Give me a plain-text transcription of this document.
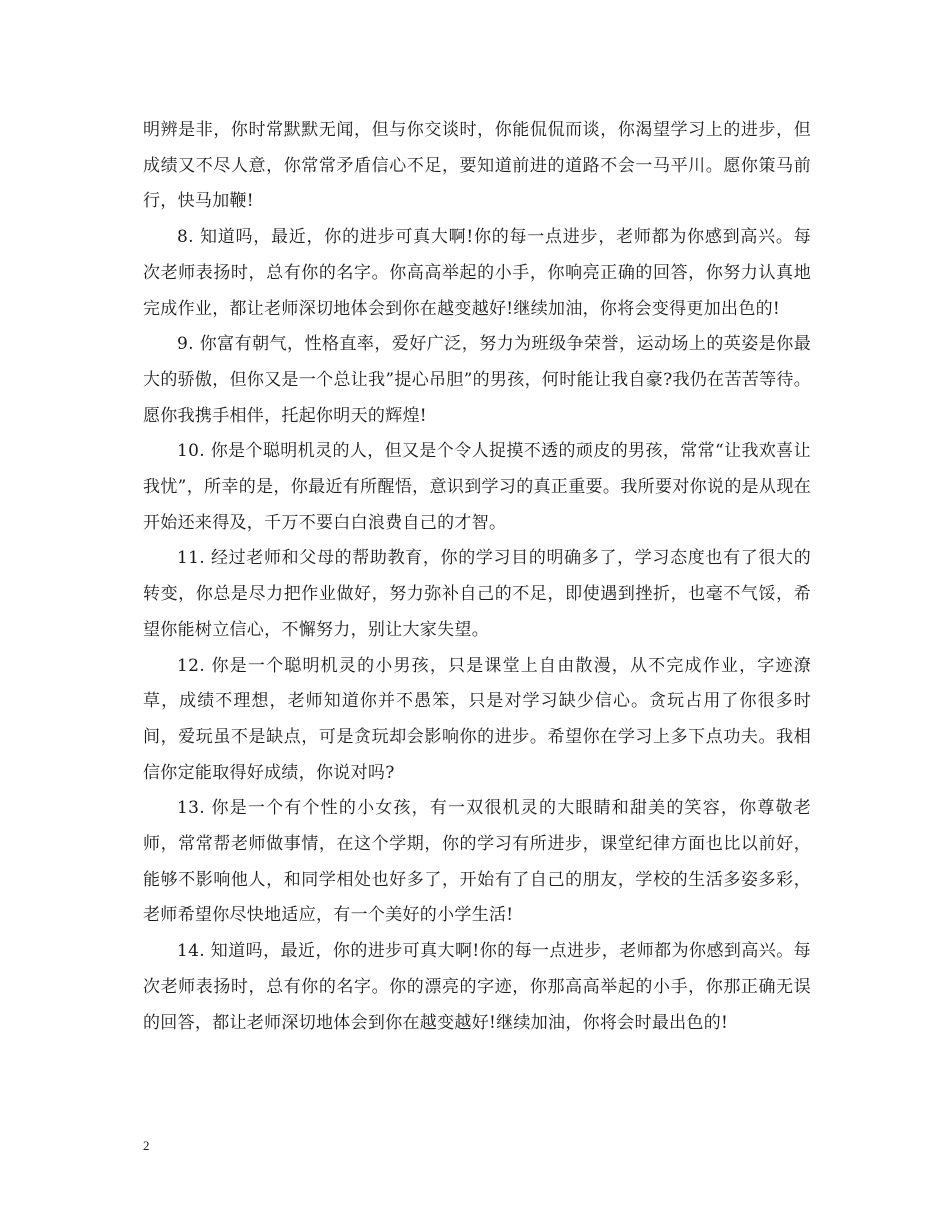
明辨是非，你时常默默无闻，但与你交谈时，你能侃侃而谈，你渴望学习上的进步，但成绩又不尽人意，你常常矛盾信心不足，要知道前进的道路不会一马平川。愿你策马前行，快马加鞭!

8. 知道吗，最近，你的进步可真大啊!你的每一点进步，老师都为你感到高兴。每次老师表扬时，总有你的名字。你高高举起的小手，你响亮正确的回答，你努力认真地完成作业，都让老师深切地体会到你在越变越好!继续加油，你将会变得更加出色的!

9. 你富有朝气，性格直率，爱好广泛，努力为班级争荣誉，运动场上的英姿是你最大的骄傲，但你又是一个总让我”提心吊胆”的男孩，何时能让我自豪?我仍在苦苦等待。愿你我携手相伴，托起你明天的辉煌!

10. 你是个聪明机灵的人，但又是个令人捉摸不透的顽皮的男孩，常常“让我欢喜让我忧”，所幸的是，你最近有所醒悟，意识到学习的真正重要。我所要对你说的是从现在开始还来得及，千万不要白白浪费自己的才智。

11. 经过老师和父母的帮助教育，你的学习目的明确多了，学习态度也有了很大的转变，你总是尽力把作业做好，努力弥补自己的不足，即使遇到挫折，也毫不气馁，希望你能树立信心，不懈努力，别让大家失望。

12. 你是一个聪明机灵的小男孩，只是课堂上自由散漫，从不完成作业，字迹潦草，成绩不理想，老师知道你并不愚笨，只是对学习缺少信心。贪玩占用了你很多时间，爱玩虽不是缺点，可是贪玩却会影响你的进步。希望你在学习上多下点功夫。我相信你定能取得好成绩，你说对吗?

13. 你是一个有个性的小女孩，有一双很机灵的大眼睛和甜美的笑容，你尊敬老师，常常帮老师做事情，在这个学期，你的学习有所进步，课堂纪律方面也比以前好，能够不影响他人，和同学相处也好多了，开始有了自己的朋友，学校的生活多姿多彩，老师希望你尽快地适应，有一个美好的小学生活!

14. 知道吗，最近，你的进步可真大啊!你的每一点进步，老师都为你感到高兴。每次老师表扬时，总有你的名字。你的漂亮的字迹，你那高高举起的小手，你那正确无误的回答，都让老师深切地体会到你在越变越好!继续加油，你将会时最出色的!

2
